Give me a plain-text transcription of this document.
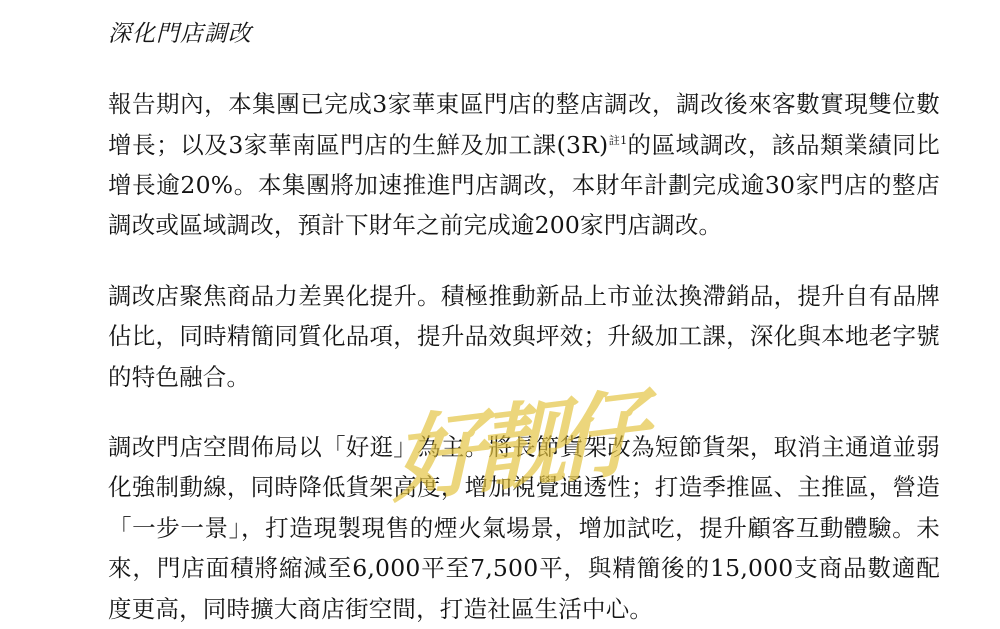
深化門店調改

報告期內，本集團已完成3家華東區門店的整店調改，調改後來客數實現雙位數增長；以及3家華南區門店的生鮮及加工課(3R)$^{註1}$的區域調改，該品類業績同比增長逾20%。本集團將加速推進門店調改，本財年計劃完成逾30家門店的整店調改或區域調改，預計下財年之前完成逾200家門店調改。

調改店聚焦商品力差異化提升。積極推動新品上市並汰換滯銷品，提升自有品牌佔比，同時精簡同質化品項，提升品效與坪效；升級加工課，深化與本地老字號的特色融合。

調改門店空間佈局以「好逛」為主。將長節貨架改為短節貨架，取消主通道並弱化強制動線，同時降低貨架高度，增加視覺通透性；打造季推區、主推區，營造「一步一景」，打造現製現售的煙火氣場景，增加試吃，提升顧客互動體驗。未來，門店面積將縮減至6,000平至7,500平，與精簡後的15,000支商品數適配度更高，同時擴大商店街空間，打造社區生活中心。

好靓仔
